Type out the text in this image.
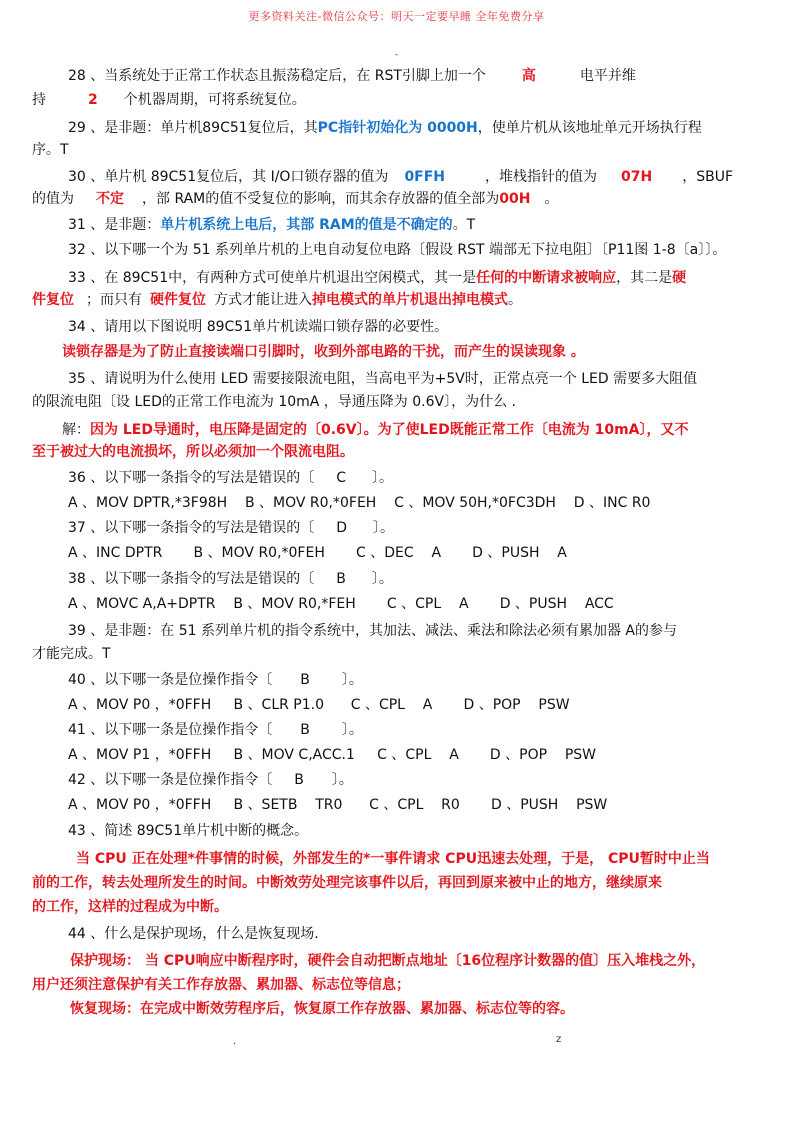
更多资料关注-微信公众号：明天一定要早睡 全年免费分享
-
28 、当系统处于正常工作状态且振荡稳定后，在 RST引脚上加一个	高	电平并维
持	2 个机器周期，可将系统复位。
29 、是非题：单片机89C51复位后，其PC指针初始化为 0000H，使单片机从该地址单元开场执行程
序。T
30 、单片机 89C51复位后，其 I/O口锁存器的值为 0FFH	，堆栈指针的值为 07H ，SBUF
的值为 不定 ，部 RAM的值不受复位的影响，而其余存放器的值全部为00H 。
31 、是非题：单片机系统上电后，其部 RAM的值是不确定的。T
32 、以下哪一个为 51 系列单片机的上电自动复位电路〔假设 RST 端部无下拉电阻〕〔P11图 1-8〔a〕〕。
33 、在 89C51中，有两种方式可使单片机退出空闲模式，其一是任何的中断请求被响应，其二是硬
件复位 ；而只有 硬件复位 方式才能让进入掉电模式的单片机退出掉电模式。
34 、请用以下图说明 89C51单片机读端口锁存器的必要性。
读锁存器是为了防止直接读端口引脚时，收到外部电路的干扰，而产生的误读现象 。
35 、请说明为什么使用 LED 需要接限流电阻，当高电平为+5V时，正常点亮一个 LED 需要多大阻值
的限流电阻〔设 LED的正常工作电流为 10mA ，导通压降为 0.6V〕，为什么 .
解：因为 LED导通时，电压降是固定的〔0.6V〕。为了使LED既能正常工作〔电流为 10mA〕，又不
至于被过大的电流损坏，所以必须加一个限流电阻。
36 、以下哪一条指令的写法是错误的〔 C 〕。
A 、MOV DPTR,*3F98H    B 、MOV R0,*0FEH    C 、MOV 50H,*0FC3DH    D 、INC R0
37 、以下哪一条指令的写法是错误的〔 D 〕。
A 、INC DPTR       B 、MOV R0,*0FEH       C 、DEC    A       D 、PUSH    A
38 、以下哪一条指令的写法是错误的〔 B 〕。
A 、MOVC A,A+DPTR    B 、MOV R0,*FEH       C 、CPL    A       D 、PUSH    ACC
39 、是非题：在 51 系列单片机的指令系统中，其加法、减法、乘法和除法必须有累加器 A的参与
才能完成。T
40 、以下哪一条是位操作指令〔 B 〕。
A 、MOV P0 ，*0FFH     B 、CLR P1.0      C 、CPL    A       D 、POP    PSW
41 、以下哪一条是位操作指令〔 B 〕。
A 、MOV P1 ，*0FFH     B 、MOV C,ACC.1     C 、CPL    A       D 、POP    PSW
42 、以下哪一条是位操作指令〔 B 〕。
A 、MOV P0 ，*0FFH     B 、SETB    TR0      C 、CPL    R0       D 、PUSH    PSW
43 、简述 89C51单片机中断的概念。
当 CPU 正在处理*件事情的时候，外部发生的*一事件请求 CPU迅速去处理，于是， CPU暂时中止当
前的工作，转去处理所发生的时间。中断效劳处理完该事件以后，再回到原来被中止的地方，继续原来
的工作，这样的过程成为中断。
44 、什么是保护现场，什么是恢复现场.
保护现场： 当 CPU响应中断程序时，硬件会自动把断点地址〔16位程序计数器的值〕压入堆栈之外，
用户还须注意保护有关工作存放器、累加器、标志位等信息；
恢复现场：在完成中断效劳程序后，恢复原工作存放器、累加器、标志位等的容。
.	z
